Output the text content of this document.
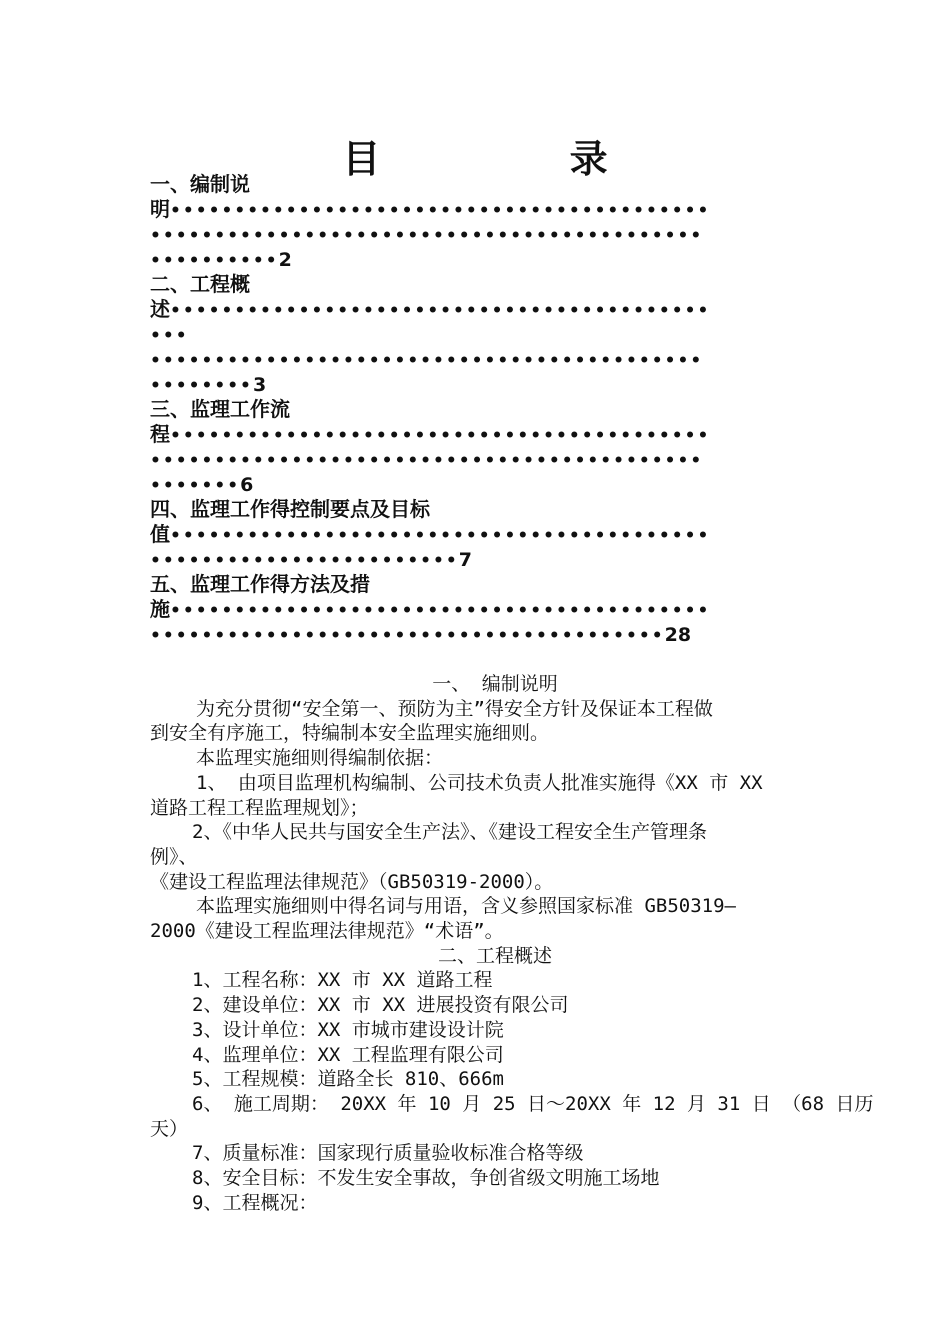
目 录
一、编制说
明••••••••••••••••••••••••••••••••••••••••••
•••••••••••••••••••••••••••••••••••••••••••
••••••••••2
二、工程概
述••••••••••••••••••••••••••••••••••••••••••
•••
•••••••••••••••••••••••••••••••••••••••••••
••••••••3
三、监理工作流
程••••••••••••••••••••••••••••••••••••••••••
•••••••••••••••••••••••••••••••••••••••••••
•••••••6
四、监理工作得控制要点及目标
值••••••••••••••••••••••••••••••••••••••••••
••••••••••••••••••••••••7
五、监理工作得方法及措
施••••••••••••••••••••••••••••••••••••••••••
••••••••••••••••••••••••••••••••••••••••28

一、 编制说明

为充分贯彻“安全第一、预防为主”得安全方针及保证本工程做

到安全有序施工，特编制本安全监理实施细则。

本监理实施细则得编制依据：

1、 由项目监理机构编制、公司技术负责人批准实施得《XX 市 XX

道路工程工程监理规划》；

2、《中华人民共与国安全生产法》、《建设工程安全生产管理条

例》、

《建设工程监理法律规范》（GB50319-2000）。

本监理实施细则中得名词与用语，含义参照国家标准 GB50319—

2000《建设工程监理法律规范》“术语”。

二、工程概述

1、工程名称：XX 市 XX 道路工程

2、建设单位：XX 市 XX 进展投资有限公司

3、设计单位：XX 市城市建设设计院

4、监理单位：XX 工程监理有限公司

5、工程规模：道路全长 810、666m

6、 施工周期： 20XX 年 10 月 25 日～20XX 年 12 月 31 日 （68 日历

天）

7、质量标准：国家现行质量验收标准合格等级

8、安全目标：不发生安全事故，争创省级文明施工场地

9、工程概况：
